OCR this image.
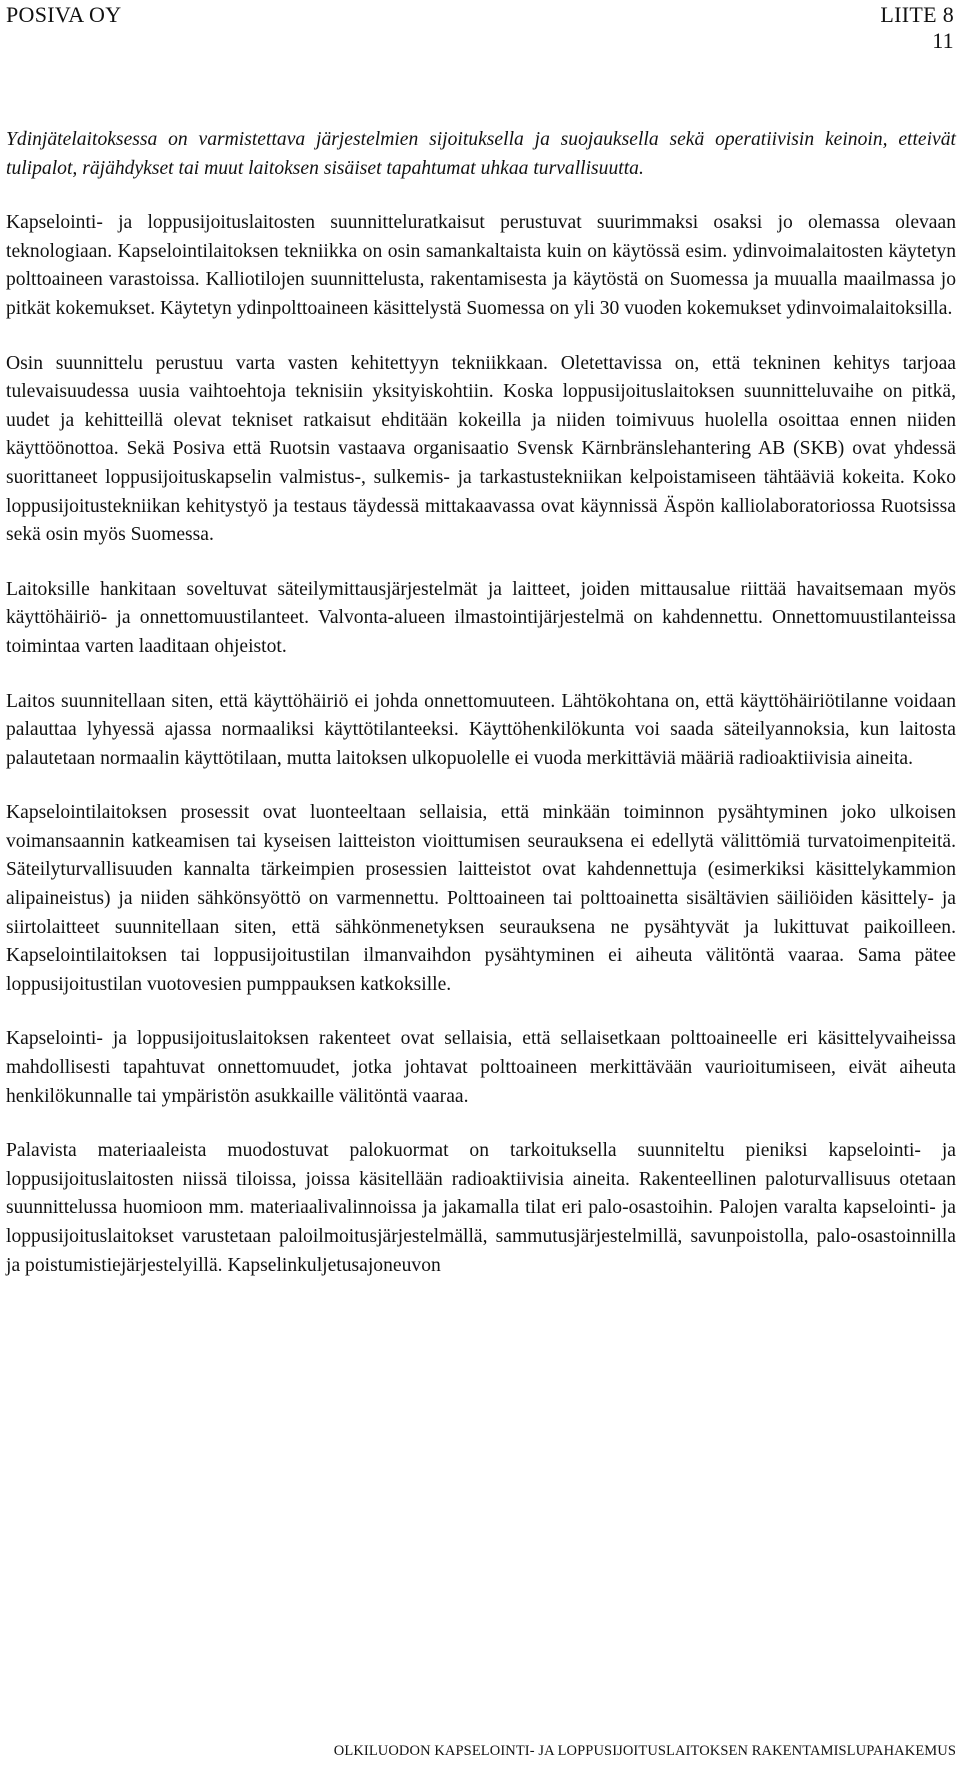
POSIVA OY	LIITE 8
11

Ydinjätelaitoksessa on varmistettava järjestelmien sijoituksella ja suojauksella sekä operatiivisin keinoin, etteivät tulipalot, räjähdykset tai muut laitoksen sisäiset tapahtumat uhkaa turvallisuutta.

Kapselointi- ja loppusijoituslaitosten suunnitteluratkaisut perustuvat suurimmaksi osaksi jo olemassa olevaan teknologiaan. Kapselointilaitoksen tekniikka on osin samankaltaista kuin on käytössä esim. ydinvoimalaitosten käytetyn polttoaineen varastoissa. Kalliotilojen suunnittelusta, rakentamisesta ja käytöstä on Suomessa ja muualla maailmassa jo pitkät kokemukset. Käytetyn ydinpolttoaineen käsittelystä Suomessa on yli 30 vuoden kokemukset ydinvoimalaitoksilla.

Osin suunnittelu perustuu varta vasten kehitettyyn tekniikkaan. Oletettavissa on, että tekninen kehitys tarjoaa tulevaisuudessa uusia vaihtoehtoja teknisiin yksityiskohtiin. Koska loppusijoituslaitoksen suunnitteluvaihe on pitkä, uudet ja kehitteillä olevat tekniset ratkaisut ehditään kokeilla ja niiden toimivuus huolella osoittaa ennen niiden käyttöönottoa. Sekä Posiva että Ruotsin vastaava organisaatio Svensk Kärnbränslehantering AB (SKB) ovat yhdessä suorittaneet loppusijoituskapselin valmistus-, sulkemis- ja tarkastustekniikan kelpoistamiseen tähtääviä kokeita. Koko loppusijoitustekniikan kehitystyö ja testaus täydessä mittakaavassa ovat käynnissä Äspön kalliolaboratoriossa Ruotsissa sekä osin myös Suomessa.

Laitoksille hankitaan soveltuvat säteilymittausjärjestelmät ja laitteet, joiden mittausalue riittää havaitsemaan myös käyttöhäiriö- ja onnettomuustilanteet. Valvonta-alueen ilmastointijärjestelmä on kahdennettu. Onnettomuustilanteissa toimintaa varten laaditaan ohjeistot.

Laitos suunnitellaan siten, että käyttöhäiriö ei johda onnettomuuteen. Lähtökohtana on, että käyttöhäiriötilanne voidaan palauttaa lyhyessä ajassa normaaliksi käyttötilanteeksi. Käyttöhenkilökunta voi saada säteilyannoksia, kun laitosta palautetaan normaalin käyttötilaan, mutta laitoksen ulkopuolelle ei vuoda merkittäviä määriä radioaktiivisia aineita.

Kapselointilaitoksen prosessit ovat luonteeltaan sellaisia, että minkään toiminnon pysähtyminen joko ulkoisen voimansaannin katkeamisen tai kyseisen laitteiston vioittumisen seurauksena ei edellytä välittömiä turvatoimenpiteitä. Säteilyturvallisuuden kannalta tärkeimpien prosessien laitteistot ovat kahdennettuja (esimerkiksi käsittelykammion alipaineistus) ja niiden sähkönsyöttö on varmennettu. Polttoaineen tai polttoainetta sisältävien säiliöiden käsittely- ja siirtolaitteet suunnitellaan siten, että sähkönmenetyksen seurauksena ne pysähtyvät ja lukittuvat paikoilleen. Kapselointilaitoksen tai loppusijoitustilan ilmanvaihdon pysähtyminen ei aiheuta välitöntä vaaraa. Sama pätee loppusijoitustilan vuotovesien pumppauksen katkoksille.

Kapselointi- ja loppusijoituslaitoksen rakenteet ovat sellaisia, että sellaisetkaan polttoaineelle eri käsittelyvaiheissa mahdollisesti tapahtuvat onnettomuudet, jotka johtavat polttoaineen merkittävään vaurioitumiseen, eivät aiheuta henkilökunnalle tai ympäristön asukkaille välitöntä vaaraa.

Palavista materiaaleista muodostuvat palokuormat on tarkoituksella suunniteltu pieniksi kapselointi- ja loppusijoituslaitosten niissä tiloissa, joissa käsitellään radioaktiivisia aineita. Rakenteellinen paloturvallisuus otetaan suunnittelussa huomioon mm. materiaalivalinnoissa ja jakamalla tilat eri palo-osastoihin. Palojen varalta kapselointi- ja loppusijoituslaitokset varustetaan paloilmoitusjärjestelmällä, sammutusjärjestelmillä, savunpoistolla, palo-osastoinnilla ja poistumistiejärjestelyillä. Kapselinkuljetusajoneuvon

OLKILUODON KAPSELOINTI- JA LOPPUSIJOITUSLAITOKSEN RAKENTAMISLUPAHAKEMUS
